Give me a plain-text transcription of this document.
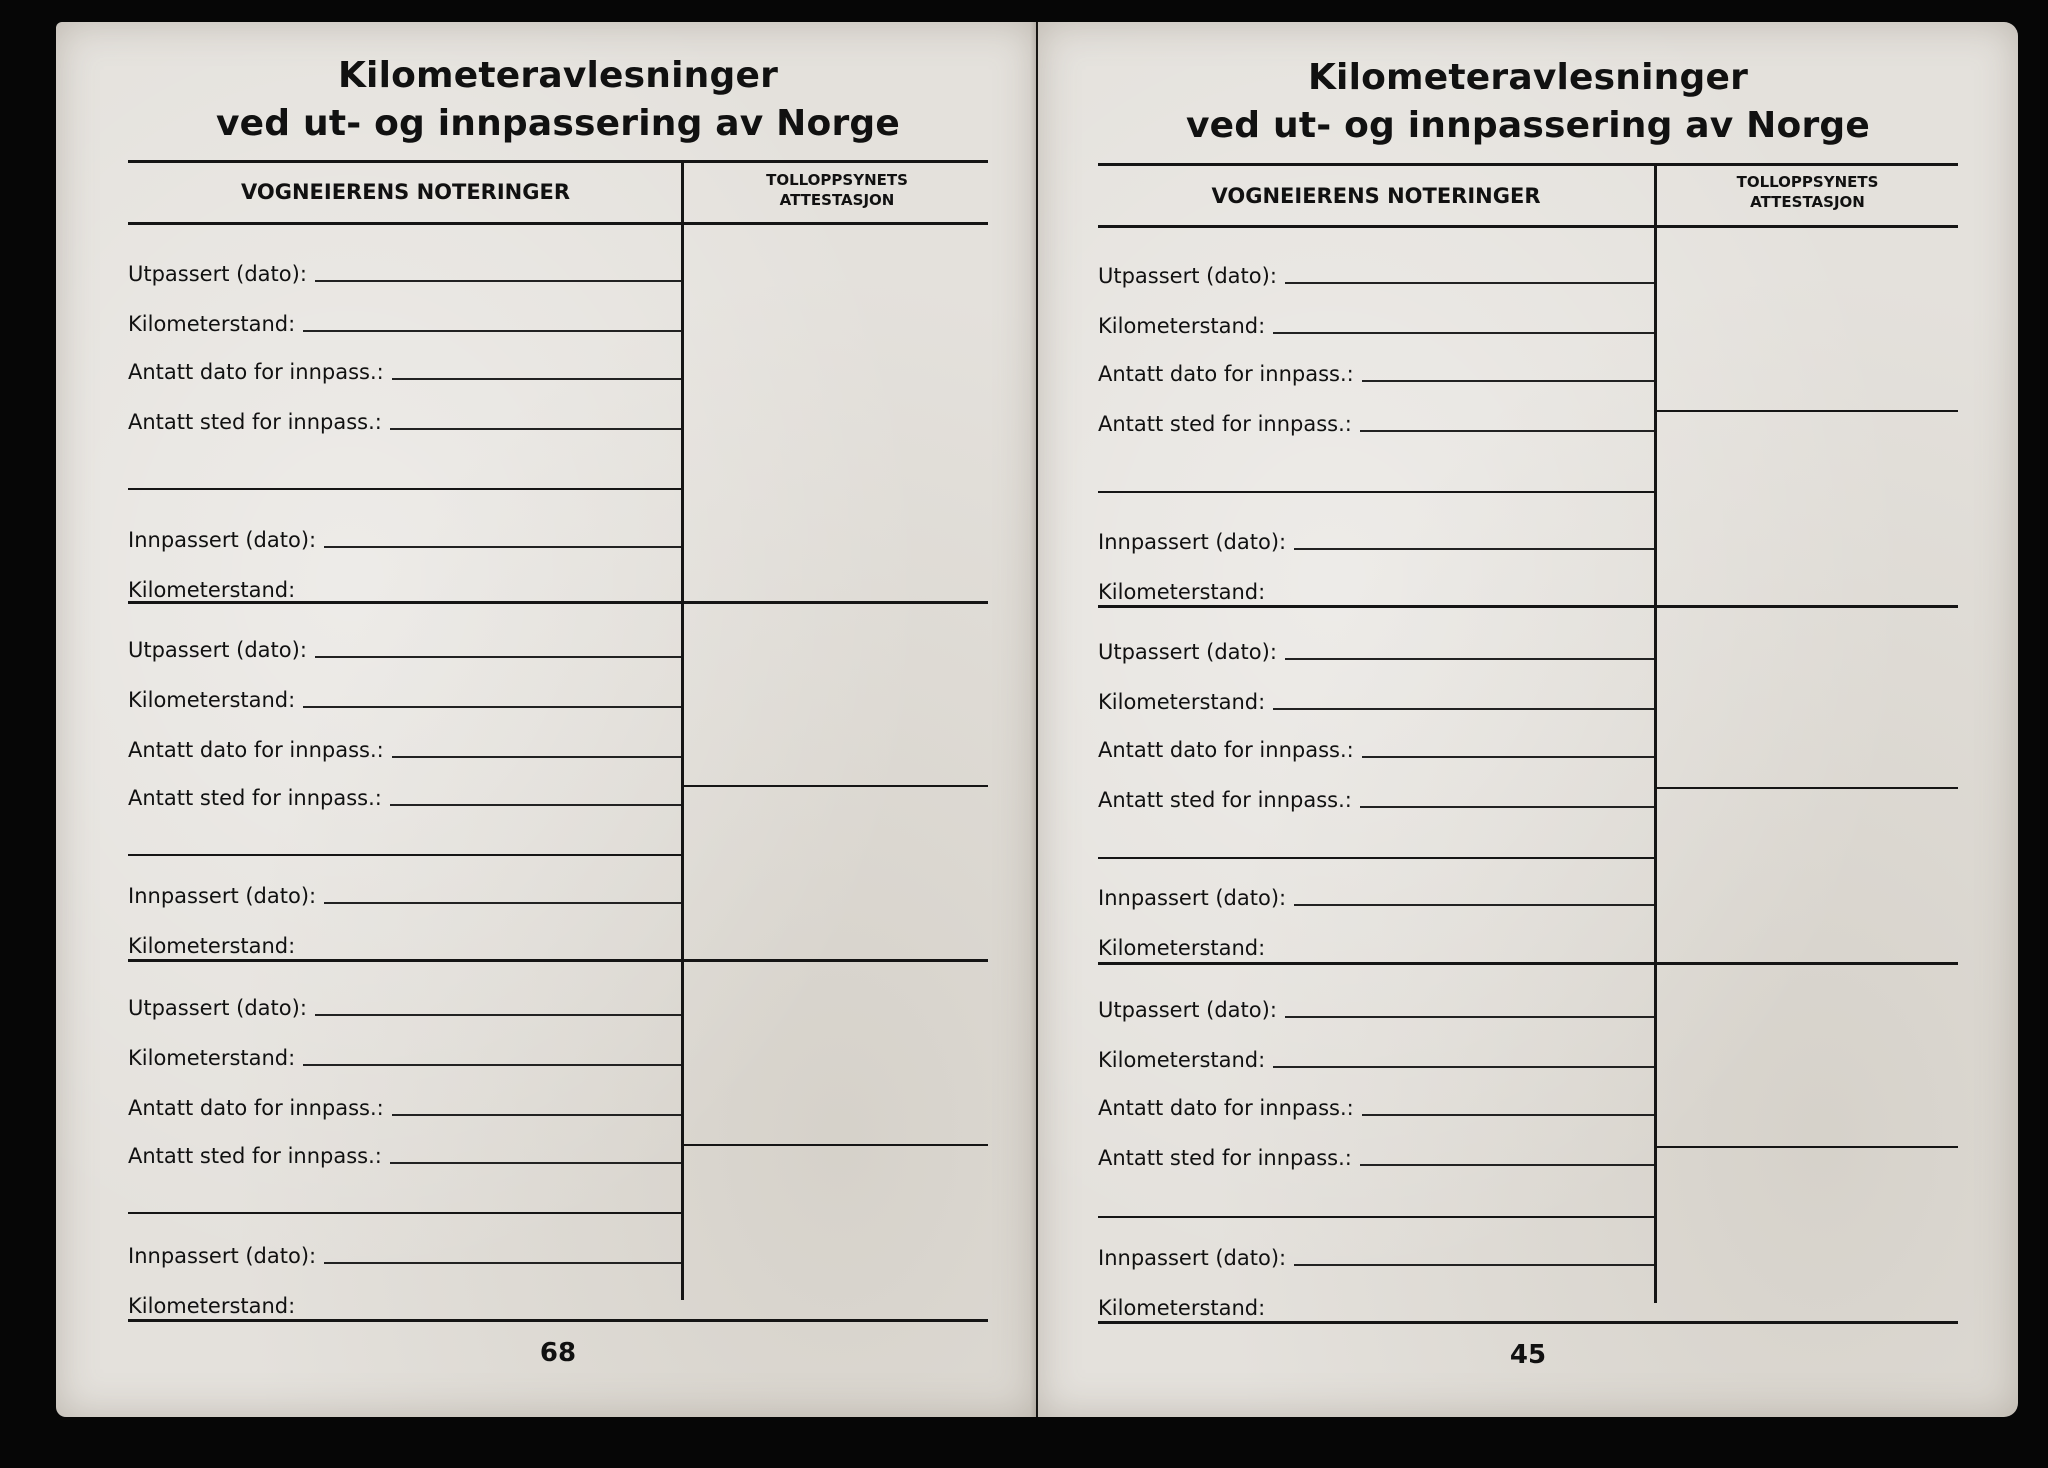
Kilometeravlesninger
ved ut- og innpassering av Norge
VOGNEIERENS NOTERINGER	TOLLOPPSYNETS
ATTESTASJON
Utpassert (dato):
Kilometerstand:
Antatt dato for innpass.:
Antatt sted for innpass.:
Innpassert (dato):
Kilometerstand:
Utpassert (dato):
Kilometerstand:
Antatt dato for innpass.:
Antatt sted for innpass.:
Innpassert (dato):
Kilometerstand:
Utpassert (dato):
Kilometerstand:
Antatt dato for innpass.:
Antatt sted for innpass.:
Innpassert (dato):
Kilometerstand:
68
Kilometeravlesninger
ved ut- og innpassering av Norge
VOGNEIERENS NOTERINGER
TOLLOPPSYNETS
ATTESTASJON
Utpassert (dato):
Kilometerstand:
Antatt dato for innpass.:
Antatt sted for innpass.:
Innpassert (dato):
Kilometerstand:
Utpassert (dato):
Kilometerstand:
Antatt dato for innpass.:
Antatt sted for innpass.:
Innpassert (dato):
Kilometerstand:
Utpassert (dato):
Kilometerstand:
Antatt dato for innpass.:
Antatt sted for innpass.:
Innpassert (dato):
Kilometerstand:
45
